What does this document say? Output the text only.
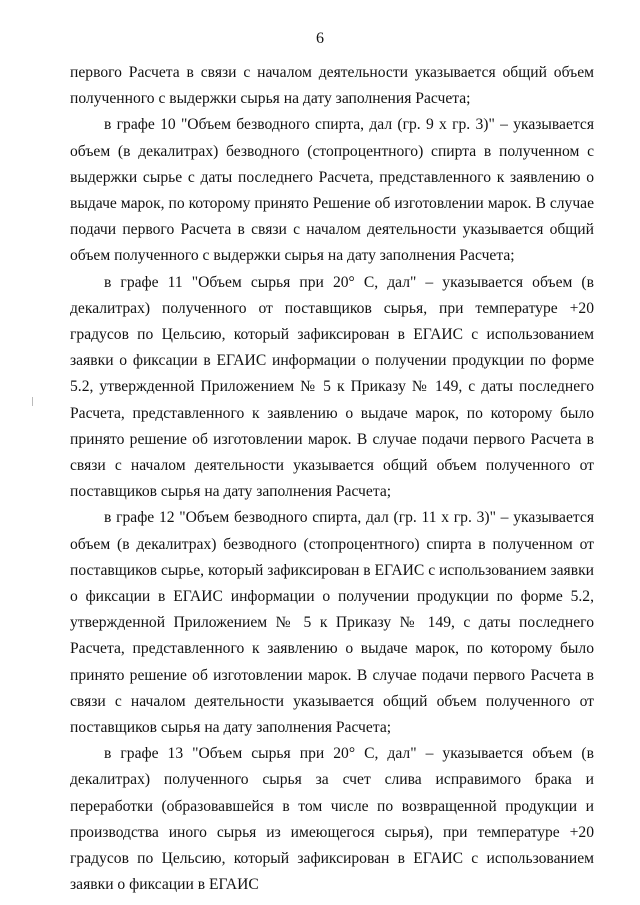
6

первого Расчета в связи с началом деятельности указывается общий объем полученного с выдержки сырья на дату заполнения Расчета;

в графе 10 "Объем безводного спирта, дал (гр. 9 x гр. 3)" – указывается объем (в декалитрах) безводного (стопроцентного) спирта в полученном с выдержки сырье с даты последнего Расчета, представленного к заявлению о выдаче марок, по которому принято Решение об изготовлении марок. В случае подачи первого Расчета в связи с началом деятельности указывается общий объем полученного с выдержки сырья на дату заполнения Расчета;

в графе 11 "Объем сырья при 20° С, дал" – указывается объем (в декалитрах) полученного от поставщиков сырья, при температуре +20 градусов по Цельсию, который зафиксирован в ЕГАИС с использованием заявки о фиксации в ЕГАИС информации о получении продукции по форме 5.2, утвержденной Приложением № 5 к Приказу № 149, с даты последнего Расчета, представленного к заявлению о выдаче марок, по которому было принято решение об изготовлении марок. В случае подачи первого Расчета в связи с началом деятельности указывается общий объем полученного от поставщиков сырья на дату заполнения Расчета;

в графе 12 "Объем безводного спирта, дал (гр. 11 x гр. 3)" – указывается объем (в декалитрах) безводного (стопроцентного) спирта в полученном от поставщиков сырье, который зафиксирован в ЕГАИС с использованием заявки о фиксации в ЕГАИС информации о получении продукции по форме 5.2, утвержденной Приложением № 5 к Приказу № 149, с даты последнего Расчета, представленного к заявлению о выдаче марок, по которому было принято решение об изготовлении марок. В случае подачи первого Расчета в связи с началом деятельности указывается общий объем полученного от поставщиков сырья на дату заполнения Расчета;

в графе 13 "Объем сырья при 20° С, дал" – указывается объем (в декалитрах) полученного сырья за счет слива исправимого брака и переработки (образовавшейся в том числе по возвращенной продукции и производства иного сырья из имеющегося сырья), при температуре +20 градусов по Цельсию, который зафиксирован в ЕГАИС с использованием заявки о фиксации в ЕГАИС
